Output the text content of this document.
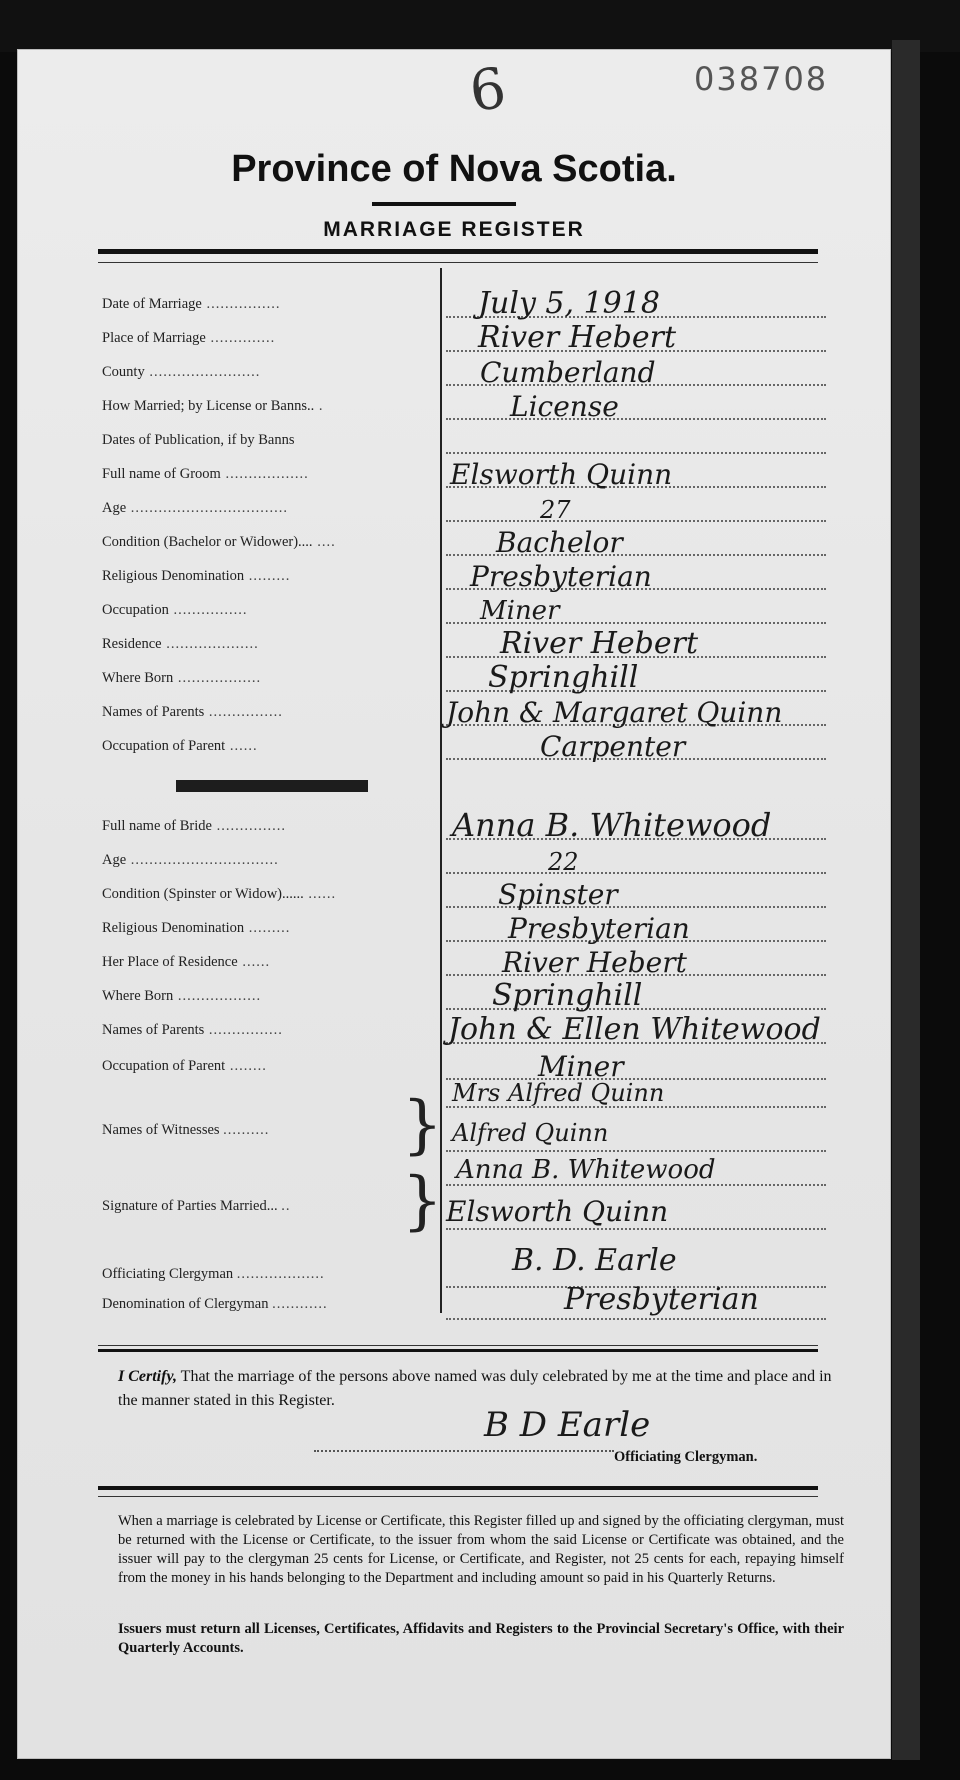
6	038708
Province of Nova Scotia.
MARRIAGE REGISTER
Names of Witnesses ..........	} Mrs Alfred Quinn
Alfred Quinn
Signature of Parties Married... ..	} Anna B. Whitewood
Elsworth Quinn
Officiating Clergyman ...................	B. D. Earle
Denomination of Clergyman ............	Presbyterian
I Certify, That the marriage of the persons above named was duly celebrated by me at the time and place and in the manner stated in this Register.
B D Earle
Officiating Clergyman.
When a marriage is celebrated by License or Certificate, this Register filled up and signed by the officiating clergyman, must be returned with the License or Certificate, to the issuer from whom the said License or Certificate was obtained, and the issuer will pay to the clergyman 25 cents for License, or Certificate, and Register, not 25 cents for each, repaying himself from the money in his hands belonging to the Department and including amount so paid in his Quarterly Returns.
Issuers must return all Licenses, Certificates, Affidavits and Registers to the Provincial Secretary's Office, with their Quarterly Accounts.
Date of Marriage ................	July 5, 1918
Place of Marriage ..............	River Hebert
County ........................	Cumberland
How Married; by License or Banns.. .	License
Dates of Publication, if by Banns
Full name of Groom ..................	Elsworth Quinn
Age ..................................	27
Condition (Bachelor or Widower).... ....	Bachelor
Religious Denomination .........	Presbyterian
Occupation ................	Miner
Residence ....................	River Hebert
Where Born ..................	Springhill
Names of Parents ................	John & Margaret Quinn
Occupation of Parent ......	Carpenter
Full name of Bride ...............	Anna B. Whitewood
Age ................................	22
Condition (Spinster or Widow)...... ......	Spinster
Religious Denomination .........	Presbyterian
Her Place of Residence ......	River Hebert
Where Born ..................	Springhill
Names of Parents ................	John & Ellen Whitewood
Occupation of Parent ........	Miner
